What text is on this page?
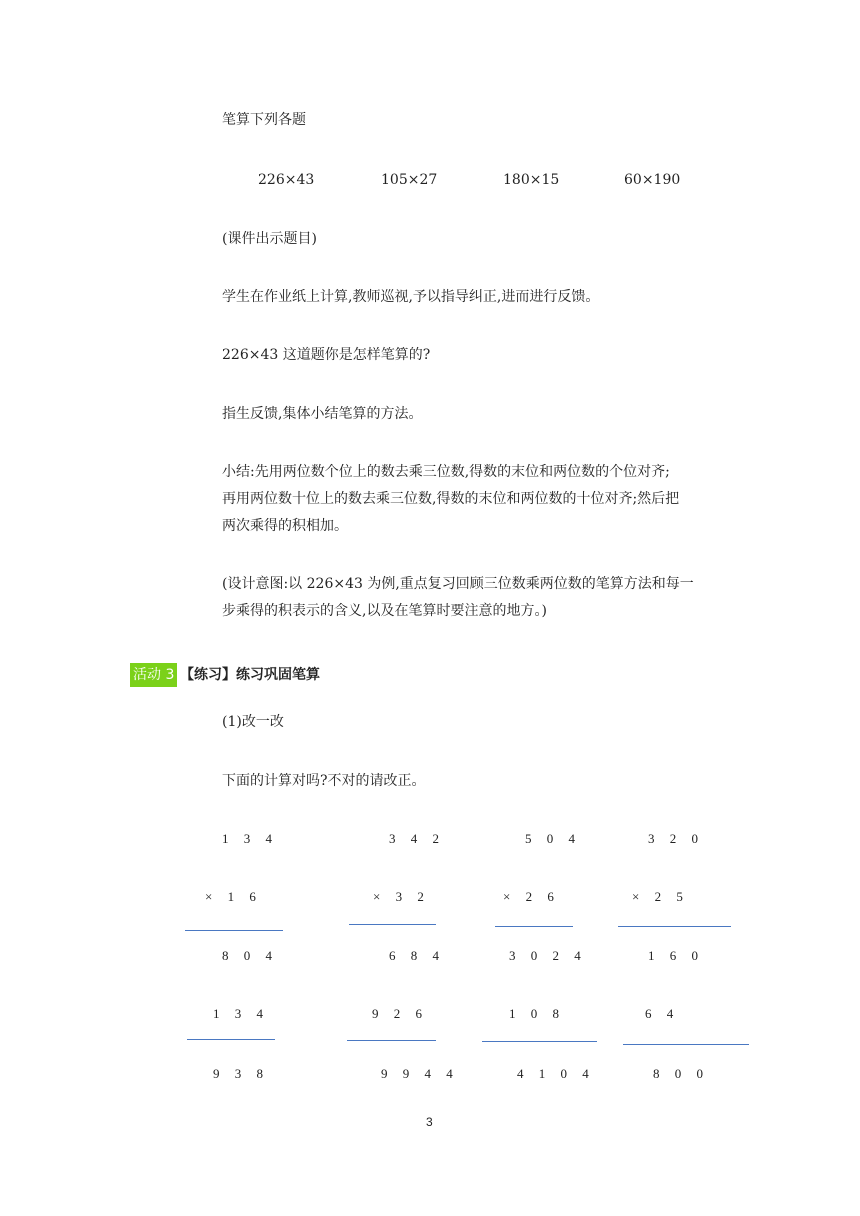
笔算下列各题
226×43	105×27	180×15	60×190
(课件出示题目)
学生在作业纸上计算,教师巡视,予以指导纠正,进而进行反馈。
226×43 这道题你是怎样笔算的?
指生反馈,集体小结笔算的方法。
小结:先用两位数个位上的数去乘三位数,得数的末位和两位数的个位对齐;
再用两位数十位上的数去乘三位数,得数的末位和两位数的十位对齐;然后把
两次乘得的积相加。
(设计意图:以 226×43 为例,重点复习回顾三位数乘两位数的笔算方法和每一
步乘得的积表示的含义,以及在笔算时要注意的地方。)
活动 3 【练习】练习巩固笔算
(1)改一改
下面的计算对吗?不对的请改正。
1 3 4
× 1 6
8 0 4
1 3 4
9 3 8
3 4 2
× 3 2
6 8 4
9 2 6
9 9 4 4
5 0 4
× 2 6
3 0 2 4
1 0 8
4 1 0 4
3 2 0
× 2 5
1 6 0
6 4
8 0 0
3
